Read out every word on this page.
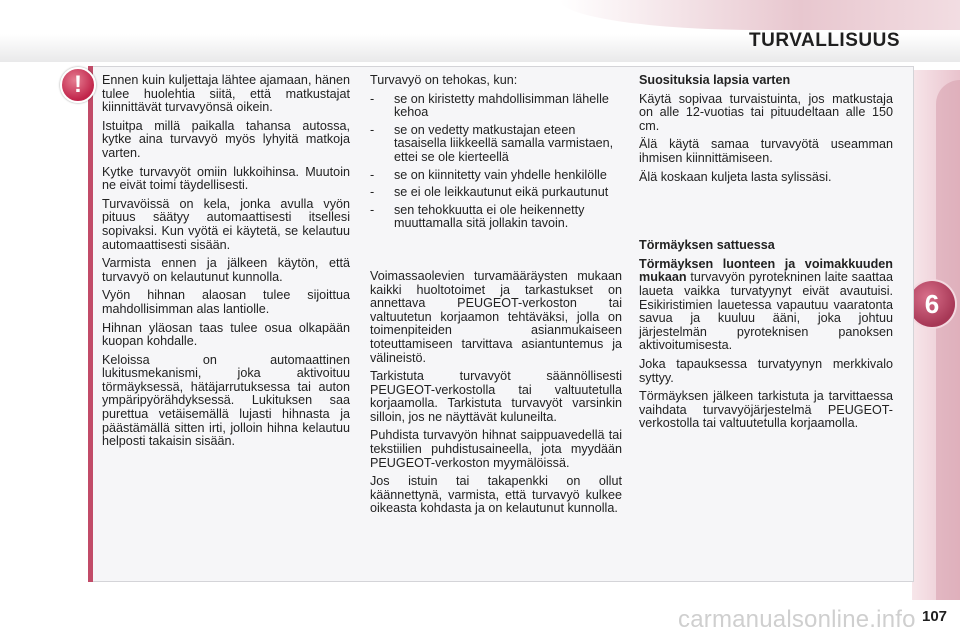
TURVALLISUUS
6
! Ennen kuin kuljettaja lähtee ajamaan, hänen tulee huolehtia siitä, että matkustajat kiinnittävät turvavyönsä oikein.

Istuitpa millä paikalla tahansa autossa, kytke aina turvavyö myös lyhyitä matkoja varten.

Kytke turvavyöt omiin lukkoihinsa. Muutoin ne eivät toimi täydellisesti.

Turvavöissä on kela, jonka avulla vyön pituus säätyy automaattisesti itsellesi sopivaksi. Kun vyötä ei käytetä, se kelautuu automaattisesti sisään.

Varmista ennen ja jälkeen käytön, että turvavyö on kelautunut kunnolla.

Vyön hihnan alaosan tulee sijoittua mahdollisimman alas lantiolle.

Hihnan yläosan taas tulee osua olkapään kuopan kohdalle.

Keloissa on automaattinen lukitusmekanismi, joka aktivoituu törmäyksessä, hätäjarrutuksessa tai auton ympäripyörähdyksessä. Lukituksen saa purettua vetäisemällä lujasti hihnasta ja päästämällä sitten irti, jolloin hihna kelautuu helposti takaisin sisään.

Turvavyö on tehokas, kun:

- se on kiristetty mahdollisimman lähelle kehoa
- se on vedetty matkustajan eteen tasaisella liikkeellä samalla varmistaen, ettei se ole kierteellä
- se on kiinnitetty vain yhdelle henkilölle
- se ei ole leikkautunut eikä purkautunut
- sen tehokkuutta ei ole heikennetty muuttamalla sitä jollakin tavoin.

Voimassaolevien turvamääräysten mukaan kaikki huoltotoimet ja tarkastukset on annettava PEUGEOT-verkoston tai valtuutetun korjaamon tehtäväksi, jolla on toimenpiteiden asianmukaiseen toteuttamiseen tarvittava asiantuntemus ja välineistö.

Tarkistuta turvavyöt säännöllisesti PEUGEOT-verkostolla tai valtuutetulla korjaamolla. Tarkistuta turvavyöt varsinkin silloin, jos ne näyttävät kuluneilta.

Puhdista turvavyön hihnat saippuavedellä tai tekstiilien puhdistusaineella, jota myydään PEUGEOT-verkoston myymälöissä.

Jos istuin tai takapenkki on ollut käännettynä, varmista, että turvavyö kulkee oikeasta kohdasta ja on kelautunut kunnolla.

Suosituksia lapsia varten

Käytä sopivaa turvaistuinta, jos matkustaja on alle 12-vuotias tai pituudeltaan alle 150 cm.

Älä käytä samaa turvavyötä useamman ihmisen kiinnittämiseen.

Älä koskaan kuljeta lasta sylissäsi.

Törmäyksen sattuessa

Törmäyksen luonteen ja voimakkuuden mukaan turvavyön pyrotekninen laite saattaa laueta vaikka turvatyynyt eivät avautuisi. Esikiristimien lauetessa vapautuu vaaratonta savua ja kuuluu ääni, joka johtuu järjestelmän pyroteknisen panoksen aktivoitumisesta.

Joka tapauksessa turvatyynyn merkkivalo syttyy.

Törmäyksen jälkeen tarkistuta ja tarvittaessa vaihdata turvavyöjärjestelmä PEUGEOT-verkostolla tai valtuutetulla korjaamolla.

carmanualsonline.info 107
